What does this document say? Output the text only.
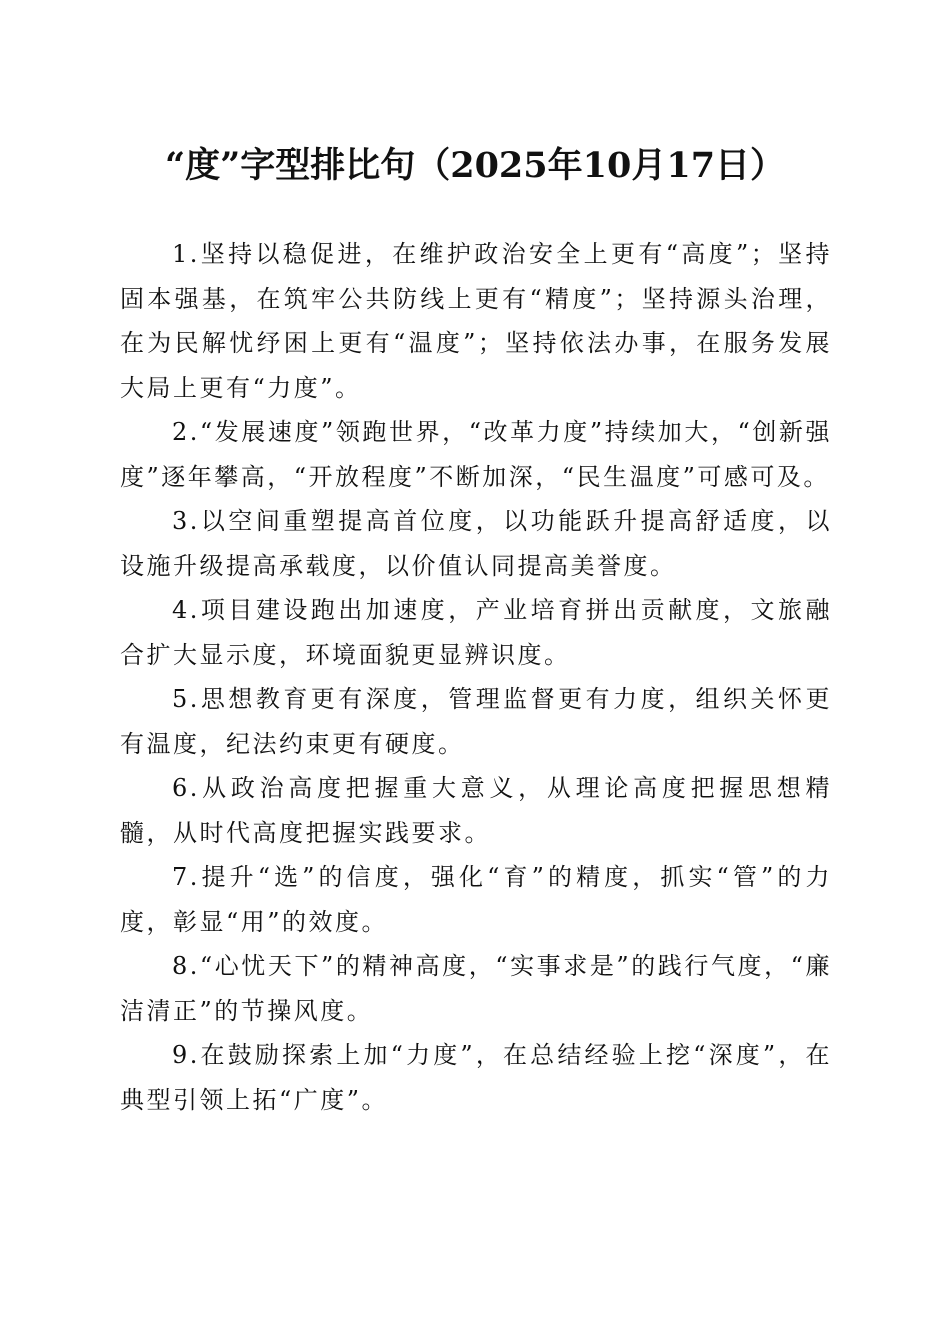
“度”字型排比句（2025年10月17日）

1.坚持以稳促进，在维护政治安全上更有“高度”；坚持固本强基，在筑牢公共防线上更有“精度”；坚持源头治理，在为民解忧纾困上更有“温度”；坚持依法办事，在服务发展大局上更有“力度”。

2.“发展速度”领跑世界，“改革力度”持续加大，“创新强度”逐年攀高，“开放程度”不断加深，“民生温度”可感可及。

3.以空间重塑提高首位度，以功能跃升提高舒适度，以设施升级提高承载度，以价值认同提高美誉度。

4.项目建设跑出加速度，产业培育拼出贡献度，文旅融合扩大显示度，环境面貌更显辨识度。

5.思想教育更有深度，管理监督更有力度，组织关怀更有温度，纪法约束更有硬度。

6.从政治高度把握重大意义，从理论高度把握思想精髓，从时代高度把握实践要求。

7.提升“选”的信度，强化“育”的精度，抓实“管”的力度，彰显“用”的效度。

8.“心忧天下”的精神高度，“实事求是”的践行气度，“廉洁清正”的节操风度。

9.在鼓励探索上加“力度”，在总结经验上挖“深度”，在典型引领上拓“广度”。
